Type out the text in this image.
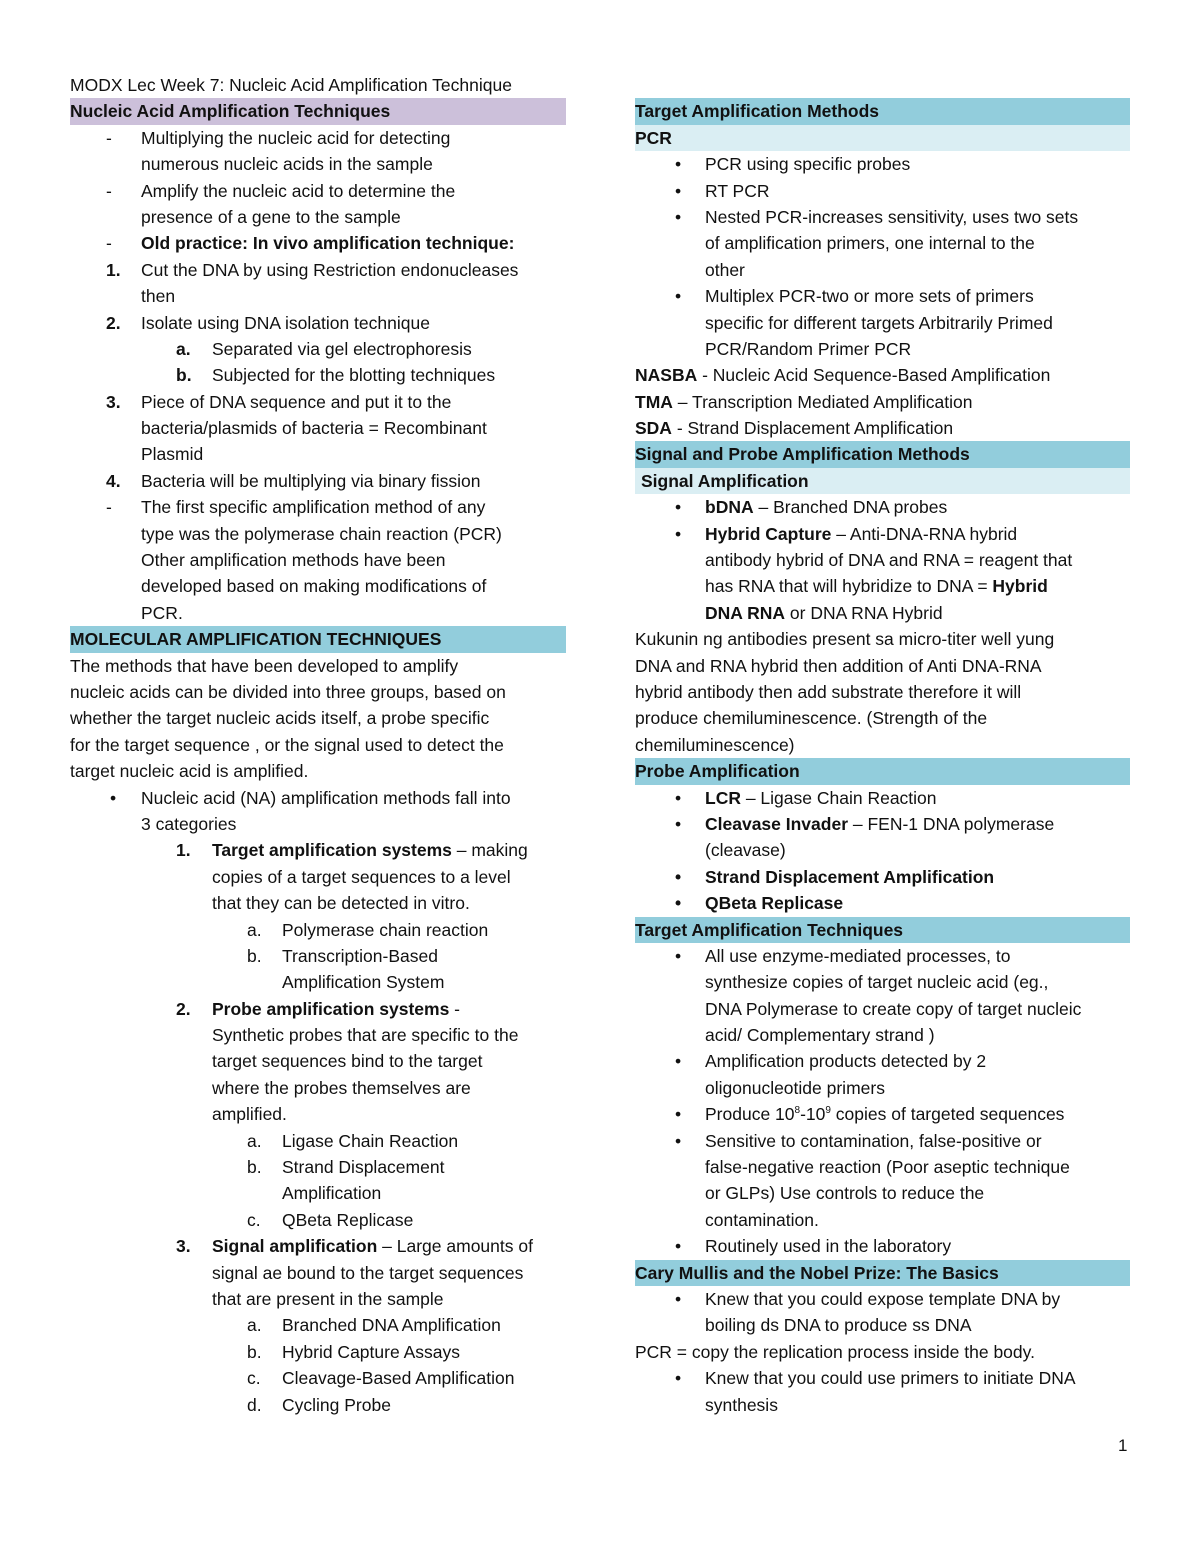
MODX Lec Week 7: Nucleic Acid Amplification Technique
Nucleic Acid Amplification Techniques
- Multiplying the nucleic acid for detecting
numerous nucleic acids in the sample
- Amplify the nucleic acid to determine the
presence of a gene to the sample
- Old practice: In vivo amplification technique:
1. Cut the DNA by using Restriction endonucleases
then
2. Isolate using DNA isolation technique
a. Separated via gel electrophoresis
b. Subjected for the blotting techniques
3. Piece of DNA sequence and put it to the
bacteria/plasmids of bacteria = Recombinant
Plasmid
4. Bacteria will be multiplying via binary fission
- The first specific amplification method of any
type was the polymerase chain reaction (PCR)
Other amplification methods have been
developed based on making modifications of
PCR.
MOLECULAR AMPLIFICATION TECHNIQUES
The methods that have been developed to amplify
nucleic acids can be divided into three groups, based on
whether the target nucleic acids itself, a probe specific
for the target sequence , or the signal used to detect the
target nucleic acid is amplified.
• Nucleic acid (NA) amplification methods fall into
3 categories
1. Target amplification systems – making
copies of a target sequences to a level
that they can be detected in vitro.
a. Polymerase chain reaction
b. Transcription-Based
Amplification System
2. Probe amplification systems -
Synthetic probes that are specific to the
target sequences bind to the target
where the probes themselves are
amplified.
a. Ligase Chain Reaction
b. Strand Displacement
Amplification
c. QBeta Replicase
3. Signal amplification – Large amounts of
signal ae bound to the target sequences
that are present in the sample
a. Branched DNA Amplification
b. Hybrid Capture Assays
c. Cleavage-Based Amplification
d. Cycling Probe
Target Amplification Methods
PCR
• PCR using specific probes
• RT PCR
• Nested PCR-increases sensitivity, uses two sets
of amplification primers, one internal to the
other
• Multiplex PCR-two or more sets of primers
specific for different targets Arbitrarily Primed
PCR/Random Primer PCR
NASBA - Nucleic Acid Sequence-Based Amplification
TMA – Transcription Mediated Amplification
SDA - Strand Displacement Amplification
Signal and Probe Amplification Methods
Signal Amplification
• bDNA – Branched DNA probes
• Hybrid Capture – Anti-DNA-RNA hybrid
antibody hybrid of DNA and RNA = reagent that
has RNA that will hybridize to DNA = Hybrid
DNA RNA or DNA RNA Hybrid
Kukunin ng antibodies present sa micro-titer well yung
DNA and RNA hybrid then addition of Anti DNA-RNA
hybrid antibody then add substrate therefore it will
produce chemiluminescence. (Strength of the
chemiluminescence)
Probe Amplification
• LCR – Ligase Chain Reaction
• Cleavase Invader – FEN-1 DNA polymerase
(cleavase)
• Strand Displacement Amplification
• QBeta Replicase
Target Amplification Techniques
• All use enzyme-mediated processes, to
synthesize copies of target nucleic acid (eg.,
DNA Polymerase to create copy of target nucleic
acid/ Complementary strand )
• Amplification products detected by 2
oligonucleotide primers
• Produce $10^8-10^9$ copies of targeted sequences
• Sensitive to contamination, false-positive or
false-negative reaction (Poor aseptic technique
or GLPs) Use controls to reduce the
contamination.
• Routinely used in the laboratory
Cary Mullis and the Nobel Prize: The Basics
• Knew that you could expose template DNA by
boiling ds DNA to produce ss DNA
PCR = copy the replication process inside the body.
• Knew that you could use primers to initiate DNA
synthesis
1
